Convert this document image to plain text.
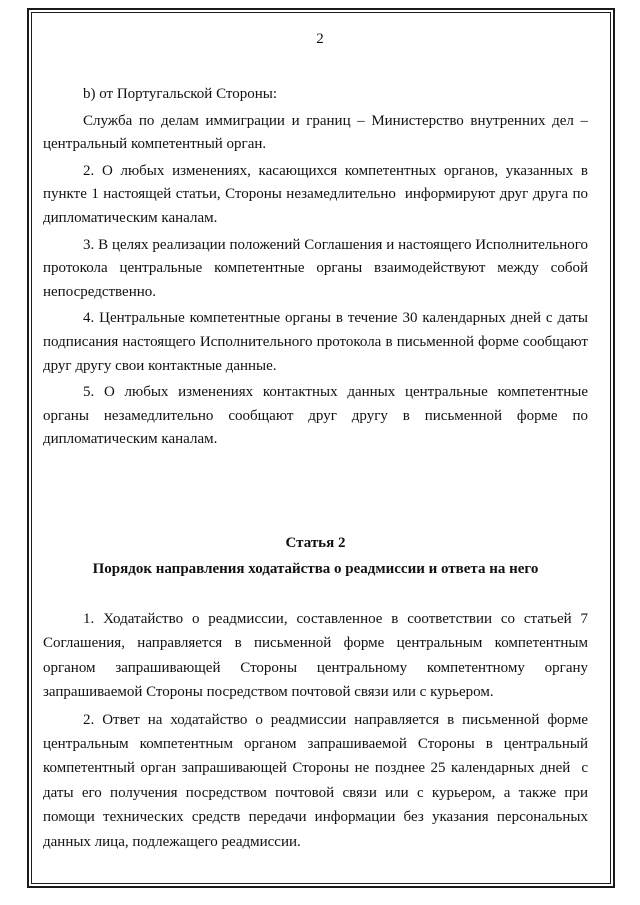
2

b) от Португальской Стороны:

Служба по делам иммиграции и границ – Министерство внутренних дел – центральный компетентный орган.

2. О любых изменениях, касающихся компетентных органов, указанных в пункте 1 настоящей статьи, Стороны незамедлительно  информируют друг друга по дипломатическим каналам.

3. В целях реализации положений Соглашения и настоящего Исполнительного протокола центральные компетентные органы взаимодействуют между собой непосредственно.

4. Центральные компетентные органы в течение 30 календарных дней с даты подписания настоящего Исполнительного протокола в письменной форме сообщают друг другу свои контактные данные.

5. О любых изменениях контактных данных центральные компетентные органы незамедлительно сообщают друг другу в письменной форме по дипломатическим каналам.

Статья 2
Порядок направления ходатайства о реадмиссии и ответа на него

1. Ходатайство о реадмиссии, составленное в соответствии со статьей 7 Соглашения, направляется в письменной форме центральным компетентным органом запрашивающей Стороны центральному компетентному органу запрашиваемой Стороны посредством почтовой связи или с курьером.

2. Ответ на ходатайство о реадмиссии направляется в письменной форме центральным компетентным органом запрашиваемой Стороны в центральный компетентный орган запрашивающей Стороны не позднее 25 календарных дней  с даты его получения посредством почтовой связи или с курьером, а также при помощи технических средств передачи информации без указания персональных данных лица, подлежащего реадмиссии.
